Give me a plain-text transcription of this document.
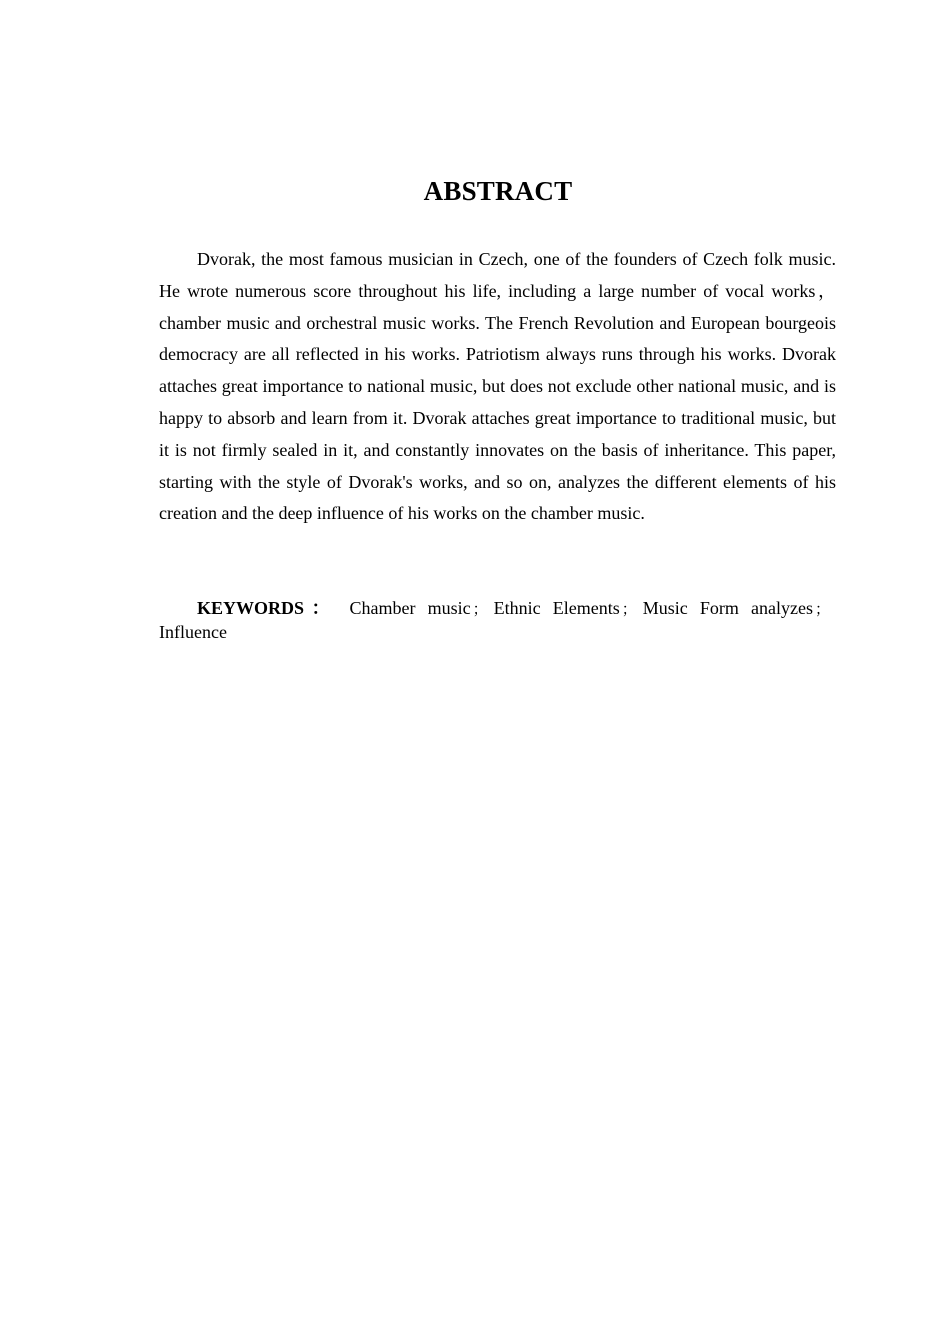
ABSTRACT

Dvorak, the most famous musician in Czech, one of the founders of Czech folk music. He wrote numerous score throughout his life, including a large number of vocal works， chamber music and orchestral music works. The French Revolution and European bourgeois democracy are all reflected in his works. Patriotism always runs through his works. Dvorak attaches great importance to national music, but does not exclude other national music, and is happy to absorb and learn from it. Dvorak attaches great importance to traditional music, but it is not firmly sealed in it, and constantly innovates on the basis of inheritance. This paper, starting with the style of Dvorak's works, and so on, analyzes the different elements of his creation and the deep influence of his works on the chamber music.

KEYWORDS： Chamber music ； Ethnic Elements ； Music Form analyzes ；Influence
